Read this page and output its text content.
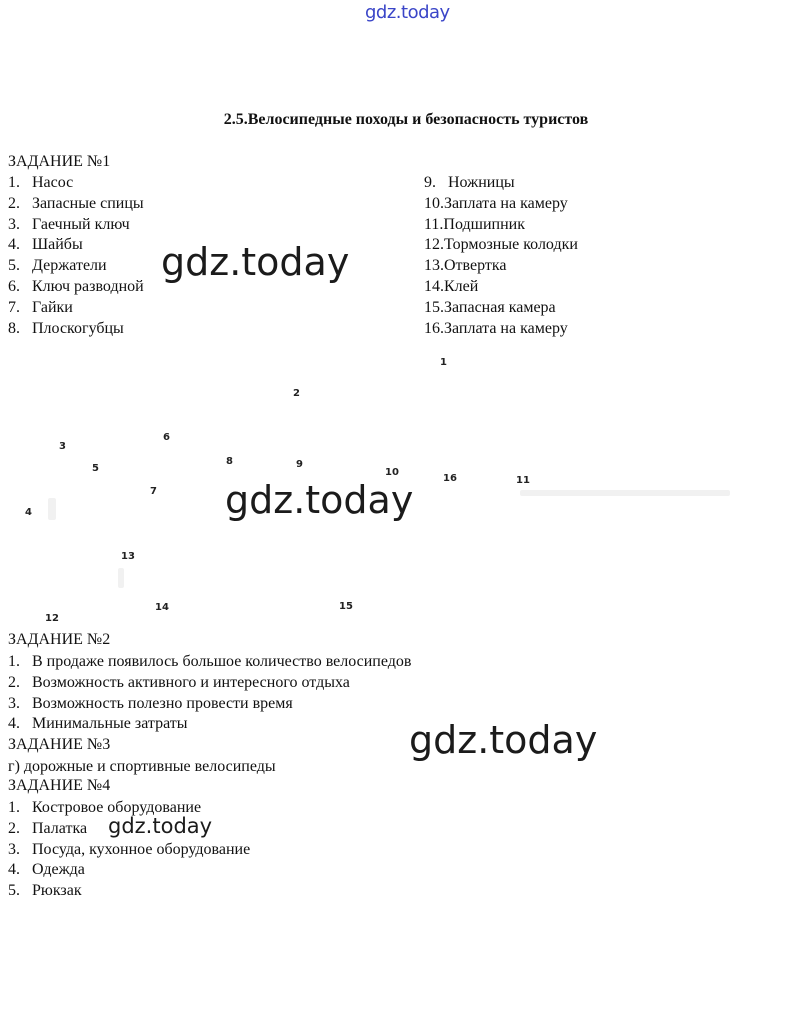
gdz.today
gdz.today
gdz.today
gdz.today
gdz.today
2.5.Велосипедные походы и безопасность туристов
ЗАДАНИЕ №1
1. Насос
2. Запасные спицы
3. Гаечный ключ
4. Шайбы
5. Держатели
6. Ключ разводной
7. Гайки
8. Плоскогубцы
9. Ножницы
10.Заплата на камеру
11.Подшипник
12.Тормозные колодки
13.Отвертка
14.Клей
15.Запасная камера
16.Заплата на камеру
1
2
3
4
5
6
7
8	9
10
11
12
13
14	15
16
ЗАДАНИЕ №2
1. В продаже появилось большое количество велосипедов
2. Возможность активного и интересного отдыха
3. Возможность полезно провести время
4. Минимальные затраты
ЗАДАНИЕ №3
г) дорожные и спортивные велосипеды
ЗАДАНИЕ №4
1. Костровое оборудование
2. Палатка
3. Посуда, кухонное оборудование
4. Одежда
5. Рюкзак
